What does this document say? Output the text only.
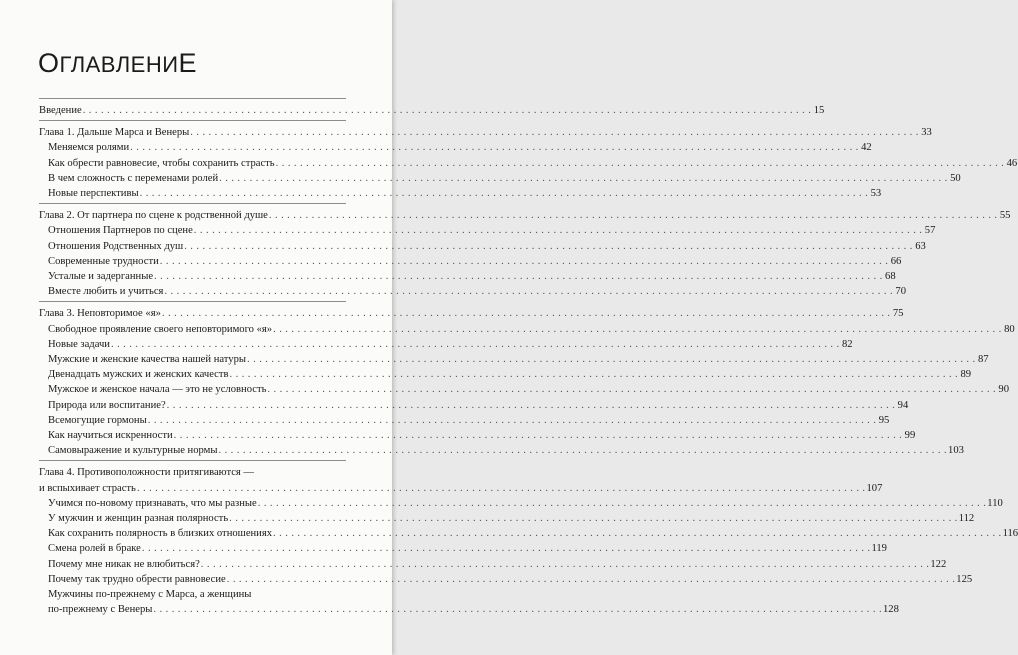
ОГЛАВЛЕНИЕ
Введение . . . . . . . . . . . . . . . . . . . . . . . . . . . . . . . . . . . . . . . . . . . . . . . . . . . . . . . . . . . . . . . . . . . . . . . . . . . . . . . . . . . . . . . . . . . . . . . . . . . . . . . . . . . . . . . . . . . . . . . . 15
Глава 1. Дальше Марса и Венеры . . . . . . . . . . . . . . . . . . . . . . . . . . . . . . . . . . . . . . . . . . . . . . . . . . . . . . . . . . . . . . . . . . . . . . . . . . . . . . . . . . . . . . . . . . . . . . . . . . . . . . . . . . . . . . . . . . . . . . . . 33
Меняемся ролями . . . . . . . . . . . . . . . . . . . . . . . . . . . . . . . . . . . . . . . . . . . . . . . . . . . . . . . . . . . . . . . . . . . . . . . . . . . . . . . . . . . . . . . . . . . . . . . . . . . . . . . . . . . . . . . . . . . . . . . . 42
Как обрести равновесие, чтобы сохранить страсть . . . . . . . . . . . . . . . . . . . . . . . . . . . . . . . . . . . . . . . . . . . . . . . . . . . . . . . . . . . . . . . . . . . . . . . . . . . . . . . . . . . . . . . . . . . . . . . . . . . . . . . . . . . . . . . . . . . . . . . . 46
В чем сложность с переменами ролей . . . . . . . . . . . . . . . . . . . . . . . . . . . . . . . . . . . . . . . . . . . . . . . . . . . . . . . . . . . . . . . . . . . . . . . . . . . . . . . . . . . . . . . . . . . . . . . . . . . . . . . . . . . . . . . . . . . . . . . . 50
Новые перспективы . . . . . . . . . . . . . . . . . . . . . . . . . . . . . . . . . . . . . . . . . . . . . . . . . . . . . . . . . . . . . . . . . . . . . . . . . . . . . . . . . . . . . . . . . . . . . . . . . . . . . . . . . . . . . . . . . . . . . . . . 53
Глава 2. От партнера по сцене к родственной душе . . . . . . . . . . . . . . . . . . . . . . . . . . . . . . . . . . . . . . . . . . . . . . . . . . . . . . . . . . . . . . . . . . . . . . . . . . . . . . . . . . . . . . . . . . . . . . . . . . . . . . . . . . . . . . . . . . . . . . . . 55
Отношения Партнеров по сцене . . . . . . . . . . . . . . . . . . . . . . . . . . . . . . . . . . . . . . . . . . . . . . . . . . . . . . . . . . . . . . . . . . . . . . . . . . . . . . . . . . . . . . . . . . . . . . . . . . . . . . . . . . . . . . . . . . . . . . . . 57
Отношения Родственных душ . . . . . . . . . . . . . . . . . . . . . . . . . . . . . . . . . . . . . . . . . . . . . . . . . . . . . . . . . . . . . . . . . . . . . . . . . . . . . . . . . . . . . . . . . . . . . . . . . . . . . . . . . . . . . . . . . . . . . . . . 63
Современные трудности . . . . . . . . . . . . . . . . . . . . . . . . . . . . . . . . . . . . . . . . . . . . . . . . . . . . . . . . . . . . . . . . . . . . . . . . . . . . . . . . . . . . . . . . . . . . . . . . . . . . . . . . . . . . . . . . . . . . . . . . 66
Усталые и задерганные . . . . . . . . . . . . . . . . . . . . . . . . . . . . . . . . . . . . . . . . . . . . . . . . . . . . . . . . . . . . . . . . . . . . . . . . . . . . . . . . . . . . . . . . . . . . . . . . . . . . . . . . . . . . . . . . . . . . . . . . 68
Вместе любить и учиться . . . . . . . . . . . . . . . . . . . . . . . . . . . . . . . . . . . . . . . . . . . . . . . . . . . . . . . . . . . . . . . . . . . . . . . . . . . . . . . . . . . . . . . . . . . . . . . . . . . . . . . . . . . . . . . . . . . . . . . . 70
Глава 3. Неповторимое «я» . . . . . . . . . . . . . . . . . . . . . . . . . . . . . . . . . . . . . . . . . . . . . . . . . . . . . . . . . . . . . . . . . . . . . . . . . . . . . . . . . . . . . . . . . . . . . . . . . . . . . . . . . . . . . . . . . . . . . . . . 75
Свободное проявление своего неповторимого «я» . . . . . . . . . . . . . . . . . . . . . . . . . . . . . . . . . . . . . . . . . . . . . . . . . . . . . . . . . . . . . . . . . . . . . . . . . . . . . . . . . . . . . . . . . . . . . . . . . . . . . . . . . . . . . . . . . . . . . . . . 80
Новые задачи . . . . . . . . . . . . . . . . . . . . . . . . . . . . . . . . . . . . . . . . . . . . . . . . . . . . . . . . . . . . . . . . . . . . . . . . . . . . . . . . . . . . . . . . . . . . . . . . . . . . . . . . . . . . . . . . . . . . . . . . 82
Мужские и женские качества нашей натуры . . . . . . . . . . . . . . . . . . . . . . . . . . . . . . . . . . . . . . . . . . . . . . . . . . . . . . . . . . . . . . . . . . . . . . . . . . . . . . . . . . . . . . . . . . . . . . . . . . . . . . . . . . . . . . . . . . . . . . . . 87
Двенадцать мужских и женских качеств . . . . . . . . . . . . . . . . . . . . . . . . . . . . . . . . . . . . . . . . . . . . . . . . . . . . . . . . . . . . . . . . . . . . . . . . . . . . . . . . . . . . . . . . . . . . . . . . . . . . . . . . . . . . . . . . . . . . . . . . 89
Мужское и женское начала — это не условность . . . . . . . . . . . . . . . . . . . . . . . . . . . . . . . . . . . . . . . . . . . . . . . . . . . . . . . . . . . . . . . . . . . . . . . . . . . . . . . . . . . . . . . . . . . . . . . . . . . . . . . . . . . . . . . . . . . . . . . . 90
Природа или воспитание? . . . . . . . . . . . . . . . . . . . . . . . . . . . . . . . . . . . . . . . . . . . . . . . . . . . . . . . . . . . . . . . . . . . . . . . . . . . . . . . . . . . . . . . . . . . . . . . . . . . . . . . . . . . . . . . . . . . . . . . . 94
Всемогущие гормоны . . . . . . . . . . . . . . . . . . . . . . . . . . . . . . . . . . . . . . . . . . . . . . . . . . . . . . . . . . . . . . . . . . . . . . . . . . . . . . . . . . . . . . . . . . . . . . . . . . . . . . . . . . . . . . . . . . . . . . . . 95
Как научиться искренности . . . . . . . . . . . . . . . . . . . . . . . . . . . . . . . . . . . . . . . . . . . . . . . . . . . . . . . . . . . . . . . . . . . . . . . . . . . . . . . . . . . . . . . . . . . . . . . . . . . . . . . . . . . . . . . . . . . . . . . . 99
Самовыражение и культурные нормы . . . . . . . . . . . . . . . . . . . . . . . . . . . . . . . . . . . . . . . . . . . . . . . . . . . . . . . . . . . . . . . . . . . . . . . . . . . . . . . . . . . . . . . . . . . . . . . . . . . . . . . . . . . . . . . . . . . . . . . . 103
Глава 4. Противоположности притягиваются —
и вспыхивает страсть . . . . . . . . . . . . . . . . . . . . . . . . . . . . . . . . . . . . . . . . . . . . . . . . . . . . . . . . . . . . . . . . . . . . . . . . . . . . . . . . . . . . . . . . . . . . . . . . . . . . . . . . . . . . . . . . . . . . . . . . 107
Учимся по-новому признавать, что мы разные . . . . . . . . . . . . . . . . . . . . . . . . . . . . . . . . . . . . . . . . . . . . . . . . . . . . . . . . . . . . . . . . . . . . . . . . . . . . . . . . . . . . . . . . . . . . . . . . . . . . . . . . . . . . . . . . . . . . . . . . 110
У мужчин и женщин разная полярность . . . . . . . . . . . . . . . . . . . . . . . . . . . . . . . . . . . . . . . . . . . . . . . . . . . . . . . . . . . . . . . . . . . . . . . . . . . . . . . . . . . . . . . . . . . . . . . . . . . . . . . . . . . . . . . . . . . . . . . . 112
Как сохранить полярность в близких отношениях . . . . . . . . . . . . . . . . . . . . . . . . . . . . . . . . . . . . . . . . . . . . . . . . . . . . . . . . . . . . . . . . . . . . . . . . . . . . . . . . . . . . . . . . . . . . . . . . . . . . . . . . . . . . . . . . . . . . . . . . 116
Смена ролей в браке . . . . . . . . . . . . . . . . . . . . . . . . . . . . . . . . . . . . . . . . . . . . . . . . . . . . . . . . . . . . . . . . . . . . . . . . . . . . . . . . . . . . . . . . . . . . . . . . . . . . . . . . . . . . . . . . . . . . . . . . 119
Почему мне никак не влюбиться? . . . . . . . . . . . . . . . . . . . . . . . . . . . . . . . . . . . . . . . . . . . . . . . . . . . . . . . . . . . . . . . . . . . . . . . . . . . . . . . . . . . . . . . . . . . . . . . . . . . . . . . . . . . . . . . . . . . . . . . . 122
Почему так трудно обрести равновесие . . . . . . . . . . . . . . . . . . . . . . . . . . . . . . . . . . . . . . . . . . . . . . . . . . . . . . . . . . . . . . . . . . . . . . . . . . . . . . . . . . . . . . . . . . . . . . . . . . . . . . . . . . . . . . . . . . . . . . . . 125
Мужчины по-прежнему с Марса, а женщины
по-прежнему с Венеры . . . . . . . . . . . . . . . . . . . . . . . . . . . . . . . . . . . . . . . . . . . . . . . . . . . . . . . . . . . . . . . . . . . . . . . . . . . . . . . . . . . . . . . . . . . . . . . . . . . . . . . . . . . . . . . . . . . . . . . . 128
